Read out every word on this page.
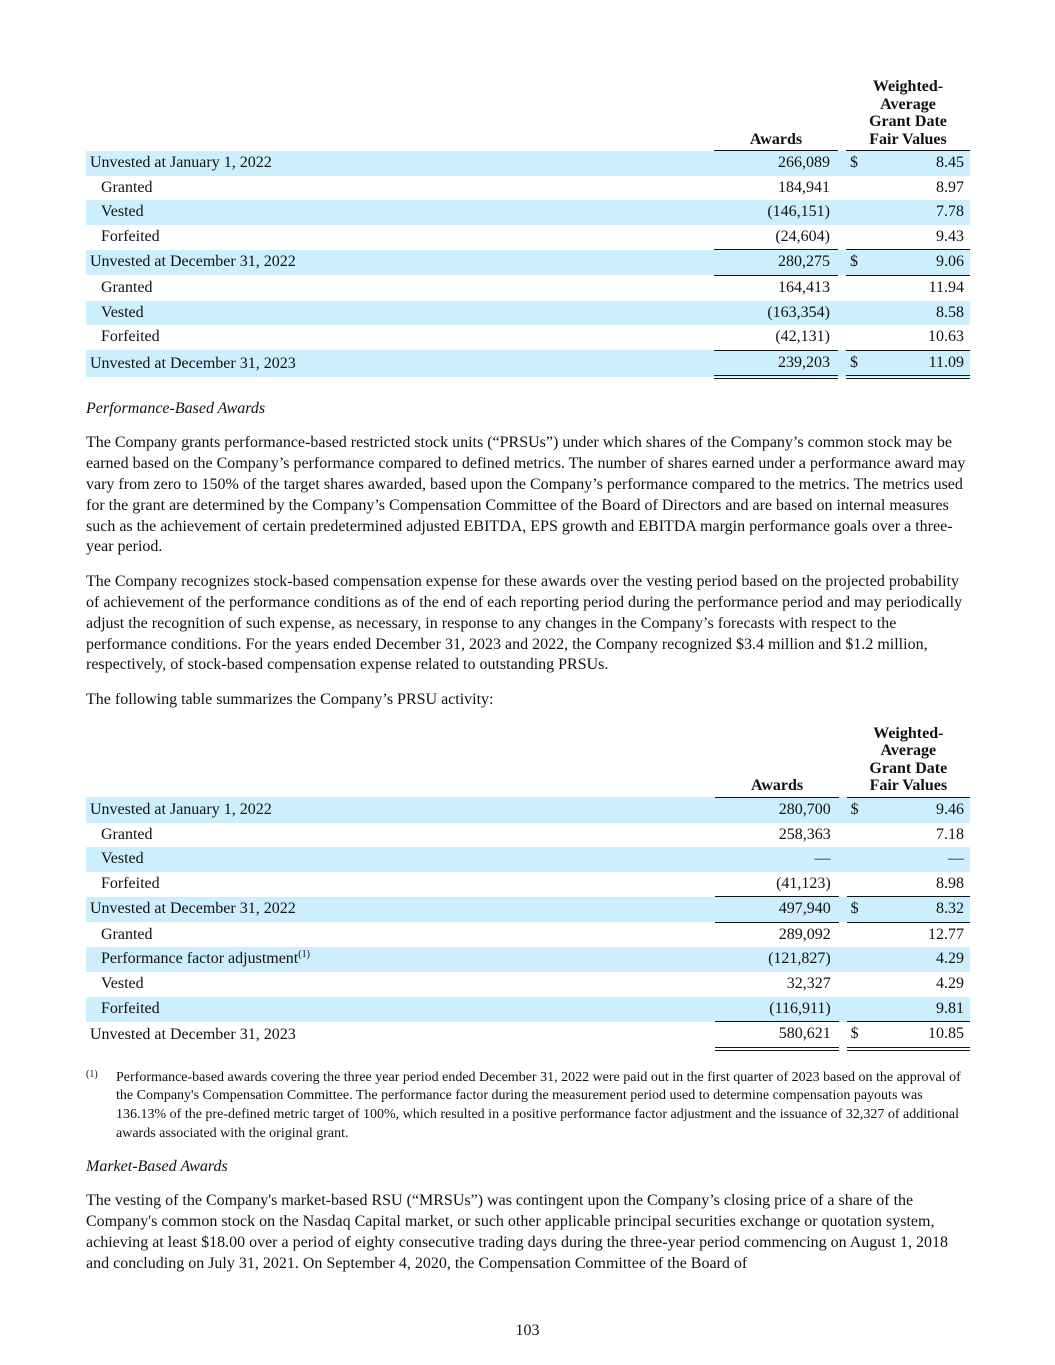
		Awards		Weighted-
Average
Grant Date
Fair Values	

Unvested at January 1, 2022		266,089		$	8.45
Granted		184,941			8.97
Vested		(146,151)			7.78
Forfeited		(24,604)			9.43
Unvested at December 31, 2022		280,275		$	9.06
Granted		164,413			11.94
Vested		(163,354)			8.58
Forfeited		(42,131)			10.63
Unvested at December 31, 2023		239,203		$	11.09
Performance-Based Awards

The Company grants performance-based restricted stock units (“PRSUs”) under which shares of the Company’s common stock may be earned based on the Company’s performance compared to defined metrics. The number of shares earned under a performance award may vary from zero to 150% of the target shares awarded, based upon the Company’s performance compared to the metrics. The metrics used for the grant are determined by the Company’s Compensation Committee of the Board of Directors and are based on internal measures such as the achievement of certain predetermined adjusted EBITDA, EPS growth and EBITDA margin performance goals over a three-year period.

The Company recognizes stock-based compensation expense for these awards over the vesting period based on the projected probability of achievement of the performance conditions as of the end of each reporting period during the performance period and may periodically adjust the recognition of such expense, as necessary, in response to any changes in the Company’s forecasts with respect to the performance conditions. For the years ended December 31, 2023 and 2022, the Company recognized $3.4 million and $1.2 million, respectively, of stock-based compensation expense related to outstanding PRSUs.

The following table summarizes the Company’s PRSU activity:

		Awards		Weighted-
Average
Grant Date
Fair Values	

Unvested at January 1, 2022		280,700		$	9.46
Granted		258,363			7.18
Vested		—			—
Forfeited		(41,123)			8.98
Unvested at December 31, 2022		497,940		$	8.32
Granted		289,092			12.77
Performance factor adjustment$^{(1)}$		(121,827)			4.29
Vested		32,327			4.29
Forfeited		(116,911)			9.81
Unvested at December 31, 2023		580,621		$	10.85
(1)	Performance-based awards covering the three year period ended December 31, 2022 were paid out in the first quarter of 2023 based on the approval of the Company's Compensation Committee. The performance factor during the measurement period used to determine compensation payouts was 136.13% of the pre-defined metric target of 100%, which resulted in a positive performance factor adjustment and the issuance of 32,327 of additional awards associated with the original grant.
Market-Based Awards

The vesting of the Company's market-based RSU (“MRSUs”) was contingent upon the Company’s closing price of a share of the Company's common stock on the Nasdaq Capital market, or such other applicable principal securities exchange or quotation system, achieving at least $18.00 over a period of eighty consecutive trading days during the three-year period commencing on August 1, 2018 and concluding on July 31, 2021. On September 4, 2020, the Compensation Committee of the Board of

103
